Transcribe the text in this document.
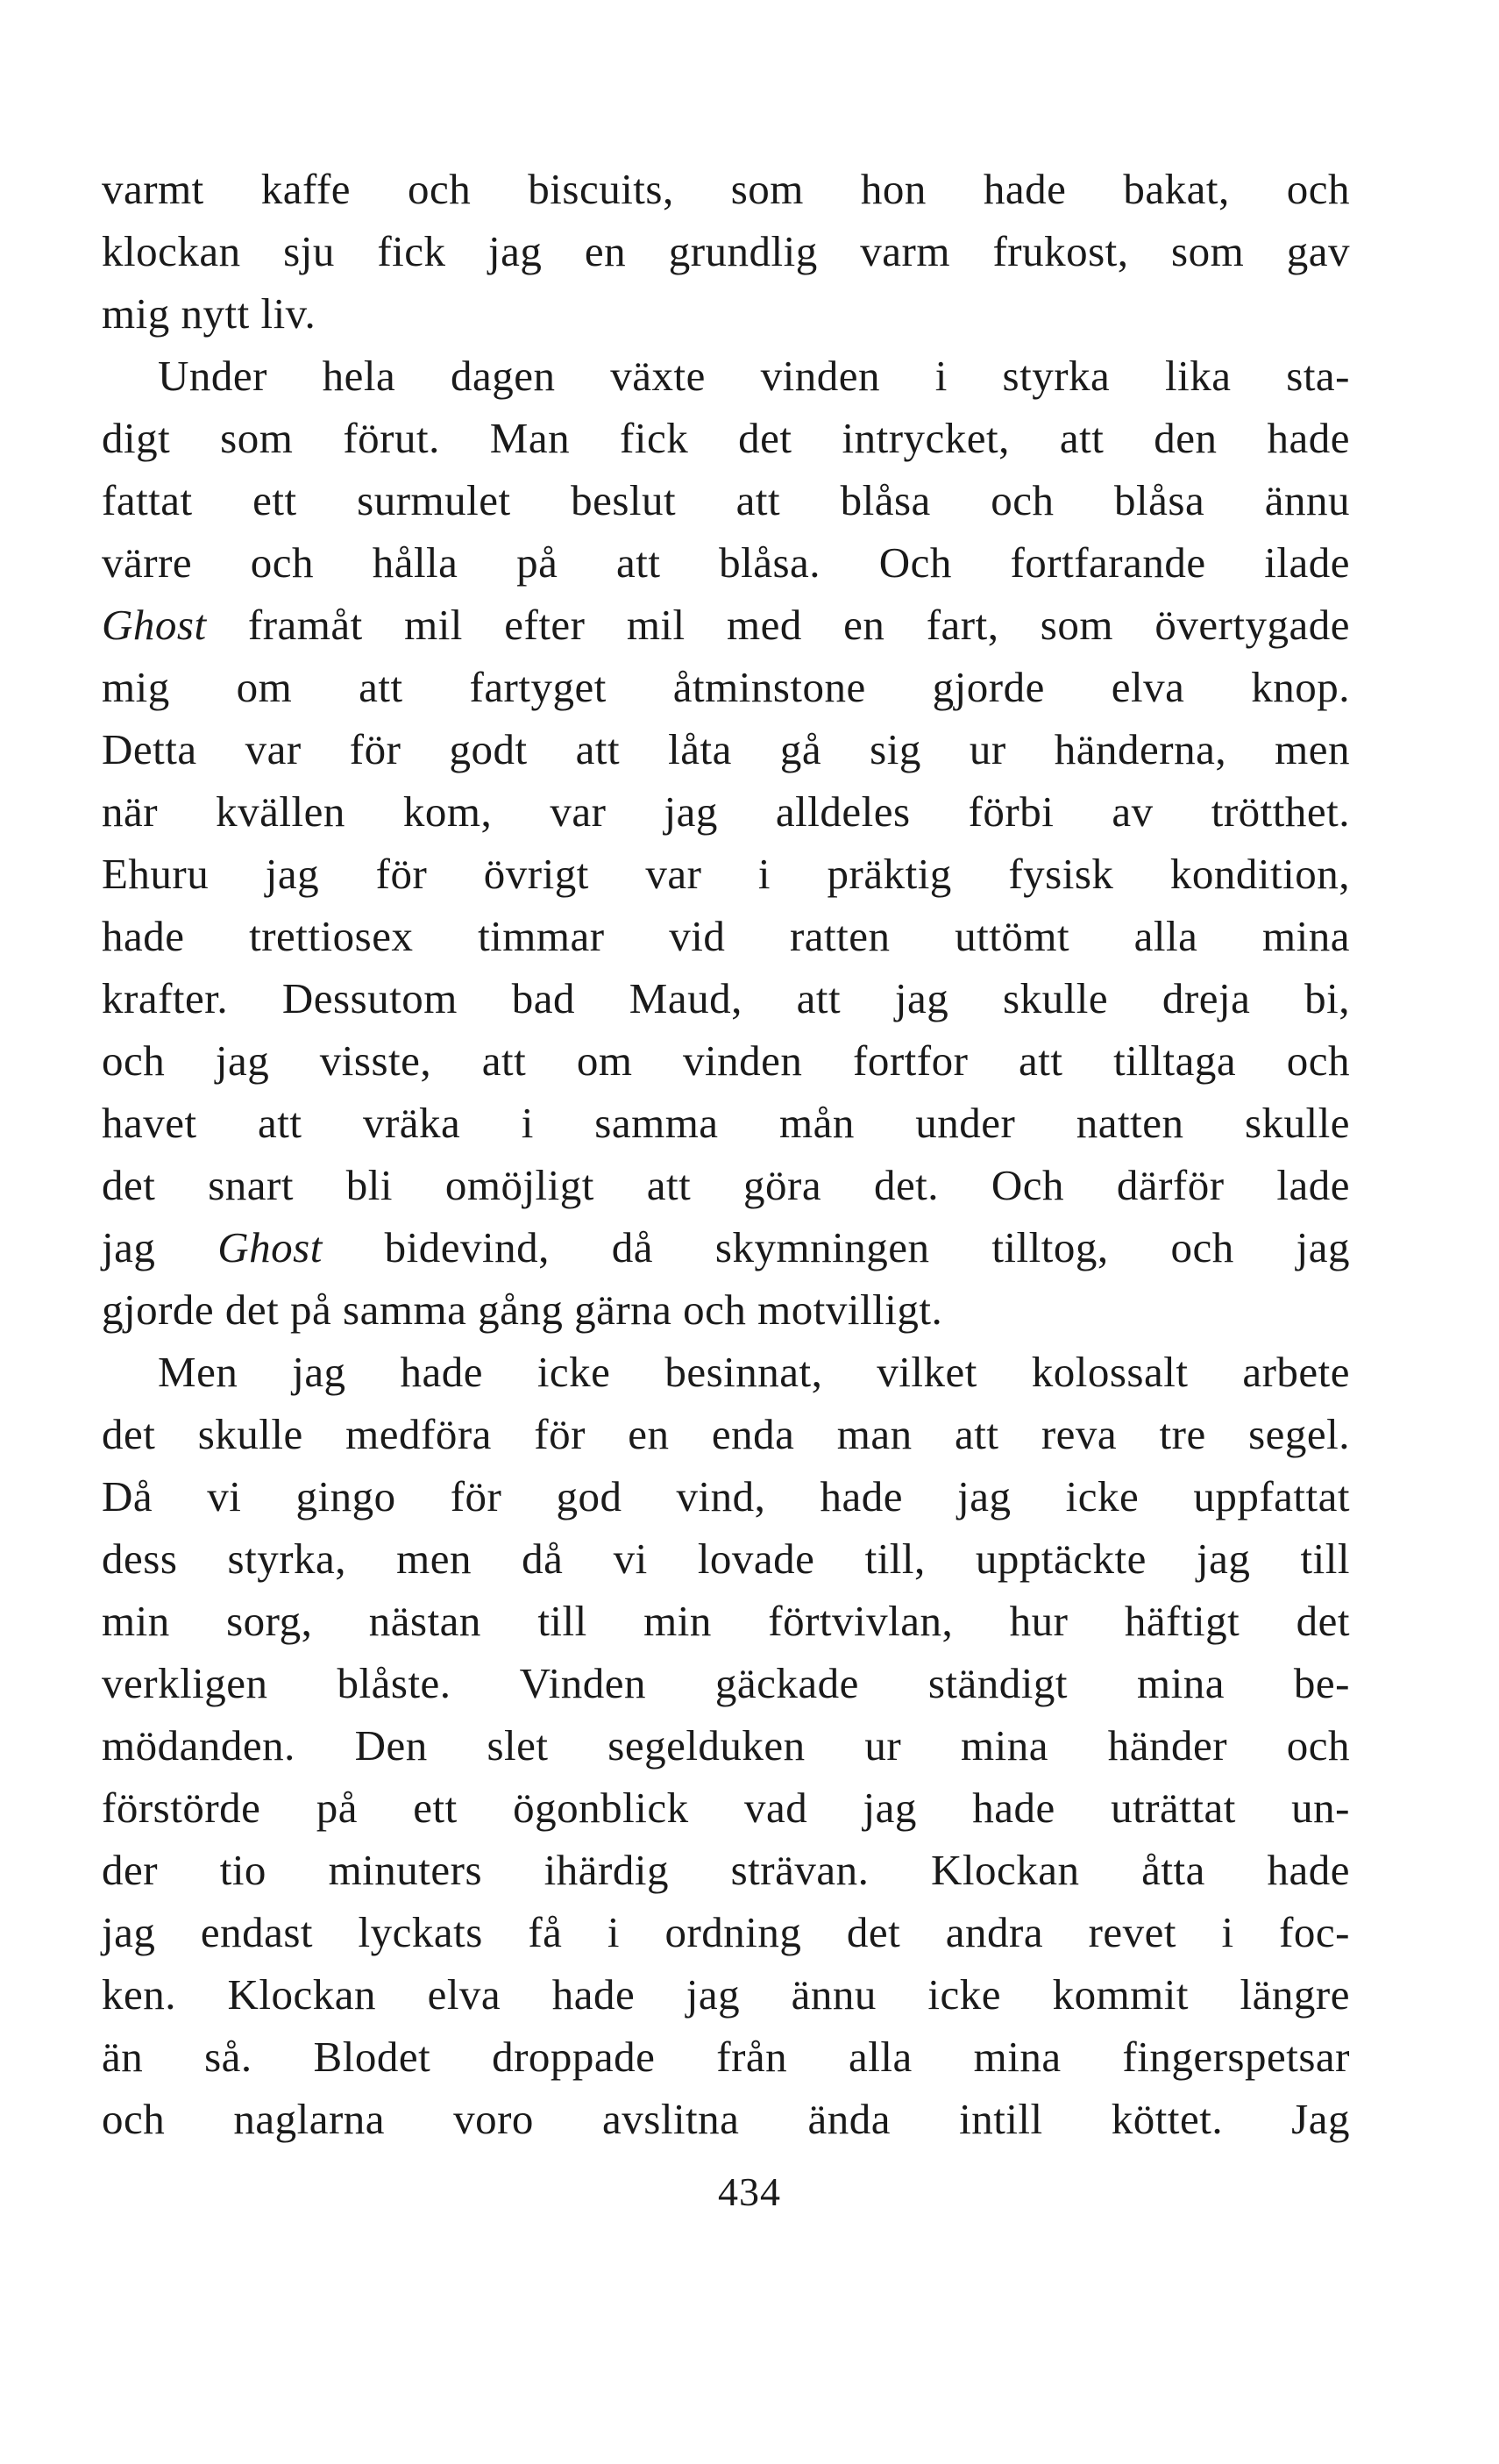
varmt kaffe och biscuits, som hon hade bakat, och
klockan sju fick jag en grundlig varm frukost, som gav
mig nytt liv.
Under hela dagen växte vinden i styrka lika sta-
digt som förut. Man fick det intrycket, att den hade
fattat ett surmulet beslut att blåsa och blåsa ännu
värre och hålla på att blåsa. Och fortfarande ilade
Ghost framåt mil efter mil med en fart, som övertygade
mig om att fartyget åtminstone gjorde elva knop.
Detta var för godt att låta gå sig ur händerna, men
när kvällen kom, var jag alldeles förbi av trötthet.
Ehuru jag för övrigt var i präktig fysisk kondition,
hade trettiosex timmar vid ratten uttömt alla mina
krafter. Dessutom bad Maud, att jag skulle dreja bi,
och jag visste, att om vinden fortfor att tilltaga och
havet att vräka i samma mån under natten skulle
det snart bli omöjligt att göra det. Och därför lade
jag Ghost bidevind, då skymningen tilltog, och jag
gjorde det på samma gång gärna och motvilligt.
Men jag hade icke besinnat, vilket kolossalt arbete
det skulle medföra för en enda man att reva tre segel.
Då vi gingo för god vind, hade jag icke uppfattat
dess styrka, men då vi lovade till, upptäckte jag till
min sorg, nästan till min förtvivlan, hur häftigt det
verkligen blåste. Vinden gäckade ständigt mina be-
mödanden. Den slet segelduken ur mina händer och
förstörde på ett ögonblick vad jag hade uträttat un-
der tio minuters ihärdig strävan. Klockan åtta hade
jag endast lyckats få i ordning det andra revet i foc-
ken. Klockan elva hade jag ännu icke kommit längre
än så. Blodet droppade från alla mina fingerspetsar
och naglarna voro avslitna ända intill köttet. Jag
434
